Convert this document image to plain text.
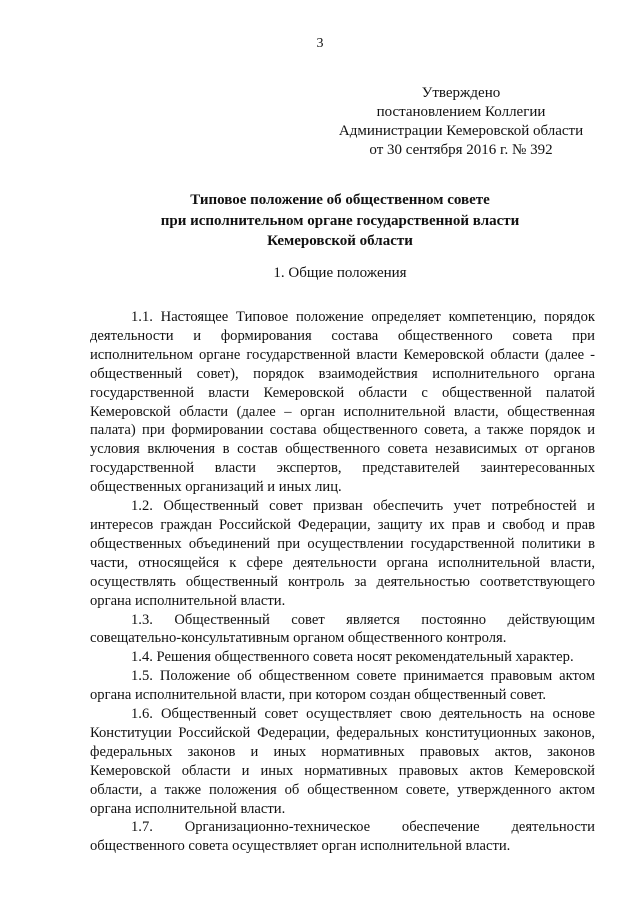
3
Утверждено
постановлением Коллегии
Администрации Кемеровской области
от 30 сентября 2016 г. № 392
Типовое положение об общественном совете
при исполнительном органе государственной власти
Кемеровской области
1. Общие положения

1.1. Настоящее Типовое положение определяет компетенцию, порядок деятельности и формирования состава общественного совета при исполнительном органе государственной власти Кемеровской области (далее - общественный совет), порядок взаимодействия исполнительного органа государственной власти Кемеровской области с общественной палатой Кемеровской области (далее – орган исполнительной власти, общественная палата) при формировании состава общественного совета, а также порядок и условия включения в состав общественного совета независимых от органов государственной власти экспертов, представителей заинтересованных общественных организаций и иных лиц.

1.2. Общественный совет призван обеспечить учет потребностей и интересов граждан Российской Федерации, защиту их прав и свобод и прав общественных объединений при осуществлении государственной политики в части, относящейся к сфере деятельности органа исполнительной власти, осуществлять общественный контроль за деятельностью соответствующего органа исполнительной власти.

1.3. Общественный совет является постоянно действующим совещательно-консультативным органом общественного контроля.

1.4. Решения общественного совета носят рекомендательный характер.

1.5. Положение об общественном совете принимается правовым актом органа исполнительной власти, при котором создан общественный совет.

1.6. Общественный совет осуществляет свою деятельность на основе Конституции Российской Федерации, федеральных конституционных законов, федеральных законов и иных нормативных правовых актов, законов Кемеровской области и иных нормативных правовых актов Кемеровской области, а также положения об общественном совете, утвержденного актом органа исполнительной власти.

1.7. Организационно-техническое обеспечение деятельности общественного совета осуществляет орган исполнительной власти.
